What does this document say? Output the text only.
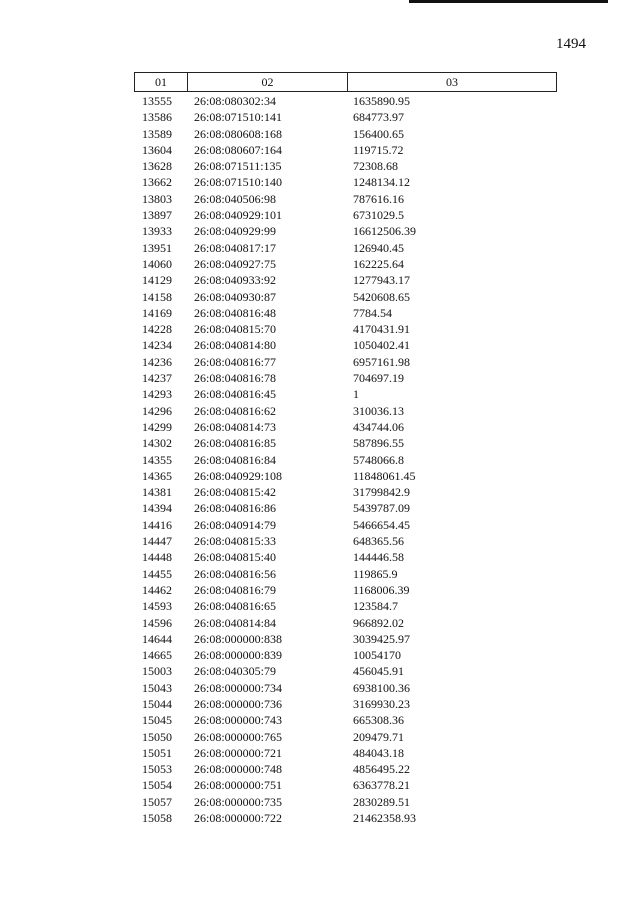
1494
01	02	03
13555 26:08:080302:34	1635890.95
13586 26:08:071510:141	684773.97
13589 26:08:080608:168	156400.65
13604 26:08:080607:164	119715.72
13628 26:08:071511:135	72308.68
13662 26:08:071510:140	1248134.12
13803 26:08:040506:98	787616.16
13897 26:08:040929:101	6731029.5
13933 26:08:040929:99	16612506.39
13951 26:08:040817:17	126940.45
14060 26:08:040927:75	162225.64
14129 26:08:040933:92	1277943.17
14158 26:08:040930:87	5420608.65
14169 26:08:040816:48	7784.54
14228 26:08:040815:70	4170431.91
14234 26:08:040814:80	1050402.41
14236 26:08:040816:77	6957161.98
14237 26:08:040816:78	704697.19
14293 26:08:040816:45	1
14296 26:08:040816:62	310036.13
14299 26:08:040814:73	434744.06
14302 26:08:040816:85	587896.55
14355 26:08:040816:84	5748066.8
14365 26:08:040929:108	11848061.45
14381 26:08:040815:42	31799842.9
14394 26:08:040816:86	5439787.09
14416 26:08:040914:79	5466654.45
14447 26:08:040815:33	648365.56
14448 26:08:040815:40	144446.58
14455 26:08:040816:56	119865.9
14462 26:08:040816:79	1168006.39
14593 26:08:040816:65	123584.7
14596 26:08:040814:84	966892.02
14644 26:08:000000:838	3039425.97
14665 26:08:000000:839	10054170
15003 26:08:040305:79	456045.91
15043 26:08:000000:734	6938100.36
15044 26:08:000000:736	3169930.23
15045 26:08:000000:743	665308.36
15050 26:08:000000:765	209479.71
15051 26:08:000000:721	484043.18
15053 26:08:000000:748	4856495.22
15054 26:08:000000:751	6363778.21
15057 26:08:000000:735	2830289.51
15058 26:08:000000:722	21462358.93
